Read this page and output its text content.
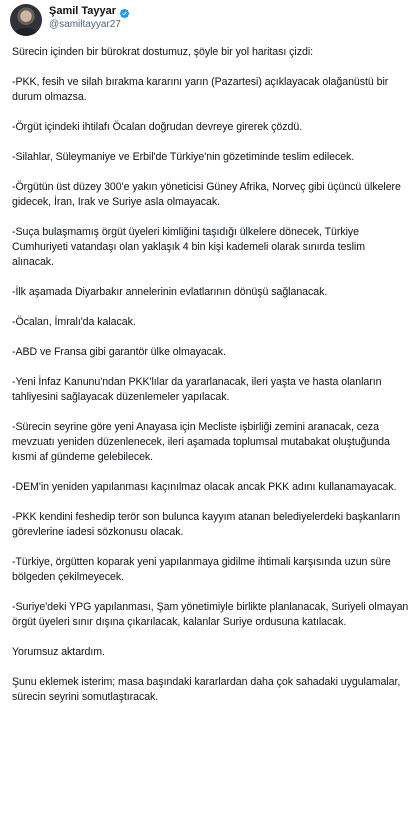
Şamil Tayyar
@samiltayyar27

Sürecin içinden bir bürokrat dostumuz, şöyle bir yol haritası çizdi:

-PKK, fesih ve silah bırakma kararını yarın (Pazartesi) açıklayacak olağanüstü bir durum olmazsa.

-Örgüt içindeki ihtilafı Öcalan doğrudan devreye girerek çözdü.

-Silahlar, Süleymaniye ve Erbil'de Türkiye'nin gözetiminde teslim edilecek.

-Örgütün üst düzey 300'e yakın yöneticisi Güney Afrika, Norveç gibi üçüncü ülkelere gidecek, İran, Irak ve Suriye asla olmayacak.

-Suça bulaşmamış örgüt üyeleri kimliğini taşıdığı ülkelere dönecek, Türkiye Cumhuriyeti vatandaşı olan yaklaşık 4 bin kişi kademeli olarak sınırda teslim alınacak.

-İlk aşamada Diyarbakır annelerinin evlatlarının dönüşü sağlanacak.

-Öcalan, İmralı'da kalacak.

-ABD ve Fransa gibi garantör ülke olmayacak.

-Yeni İnfaz Kanunu'ndan PKK'lılar da yararlanacak, ileri yaşta ve hasta olanların tahliyesini sağlayacak düzenlemeler yapılacak.

-Sürecin seyrine göre yeni Anayasa için Mecliste işbirliği zemini aranacak, ceza mevzuatı yeniden düzenlenecek, ileri aşamada toplumsal mutabakat oluştuğunda kısmi af gündeme gelebilecek.

-DEM'in yeniden yapılanması kaçınılmaz olacak ancak PKK adını kullanamayacak.

-PKK kendini feshedip terör son bulunca kayyım atanan belediyelerdeki başkanların görevlerine iadesi sözkonusu olacak.

-Türkiye, örgütten koparak yeni yapılanmaya gidilme ihtimali karşısında uzun süre bölgeden çekilmeyecek.

-Suriye'deki YPG yapılanması, Şam yönetimiyle birlikte planlanacak, Suriyeli olmayan örgüt üyeleri sınır dışına çıkarılacak, kalanlar Suriye ordusuna katılacak.

Yorumsuz aktardım.

Şunu eklemek isterim; masa başındaki kararlardan daha çok sahadaki uygulamalar, sürecin seyrini somutlaştıracak.
